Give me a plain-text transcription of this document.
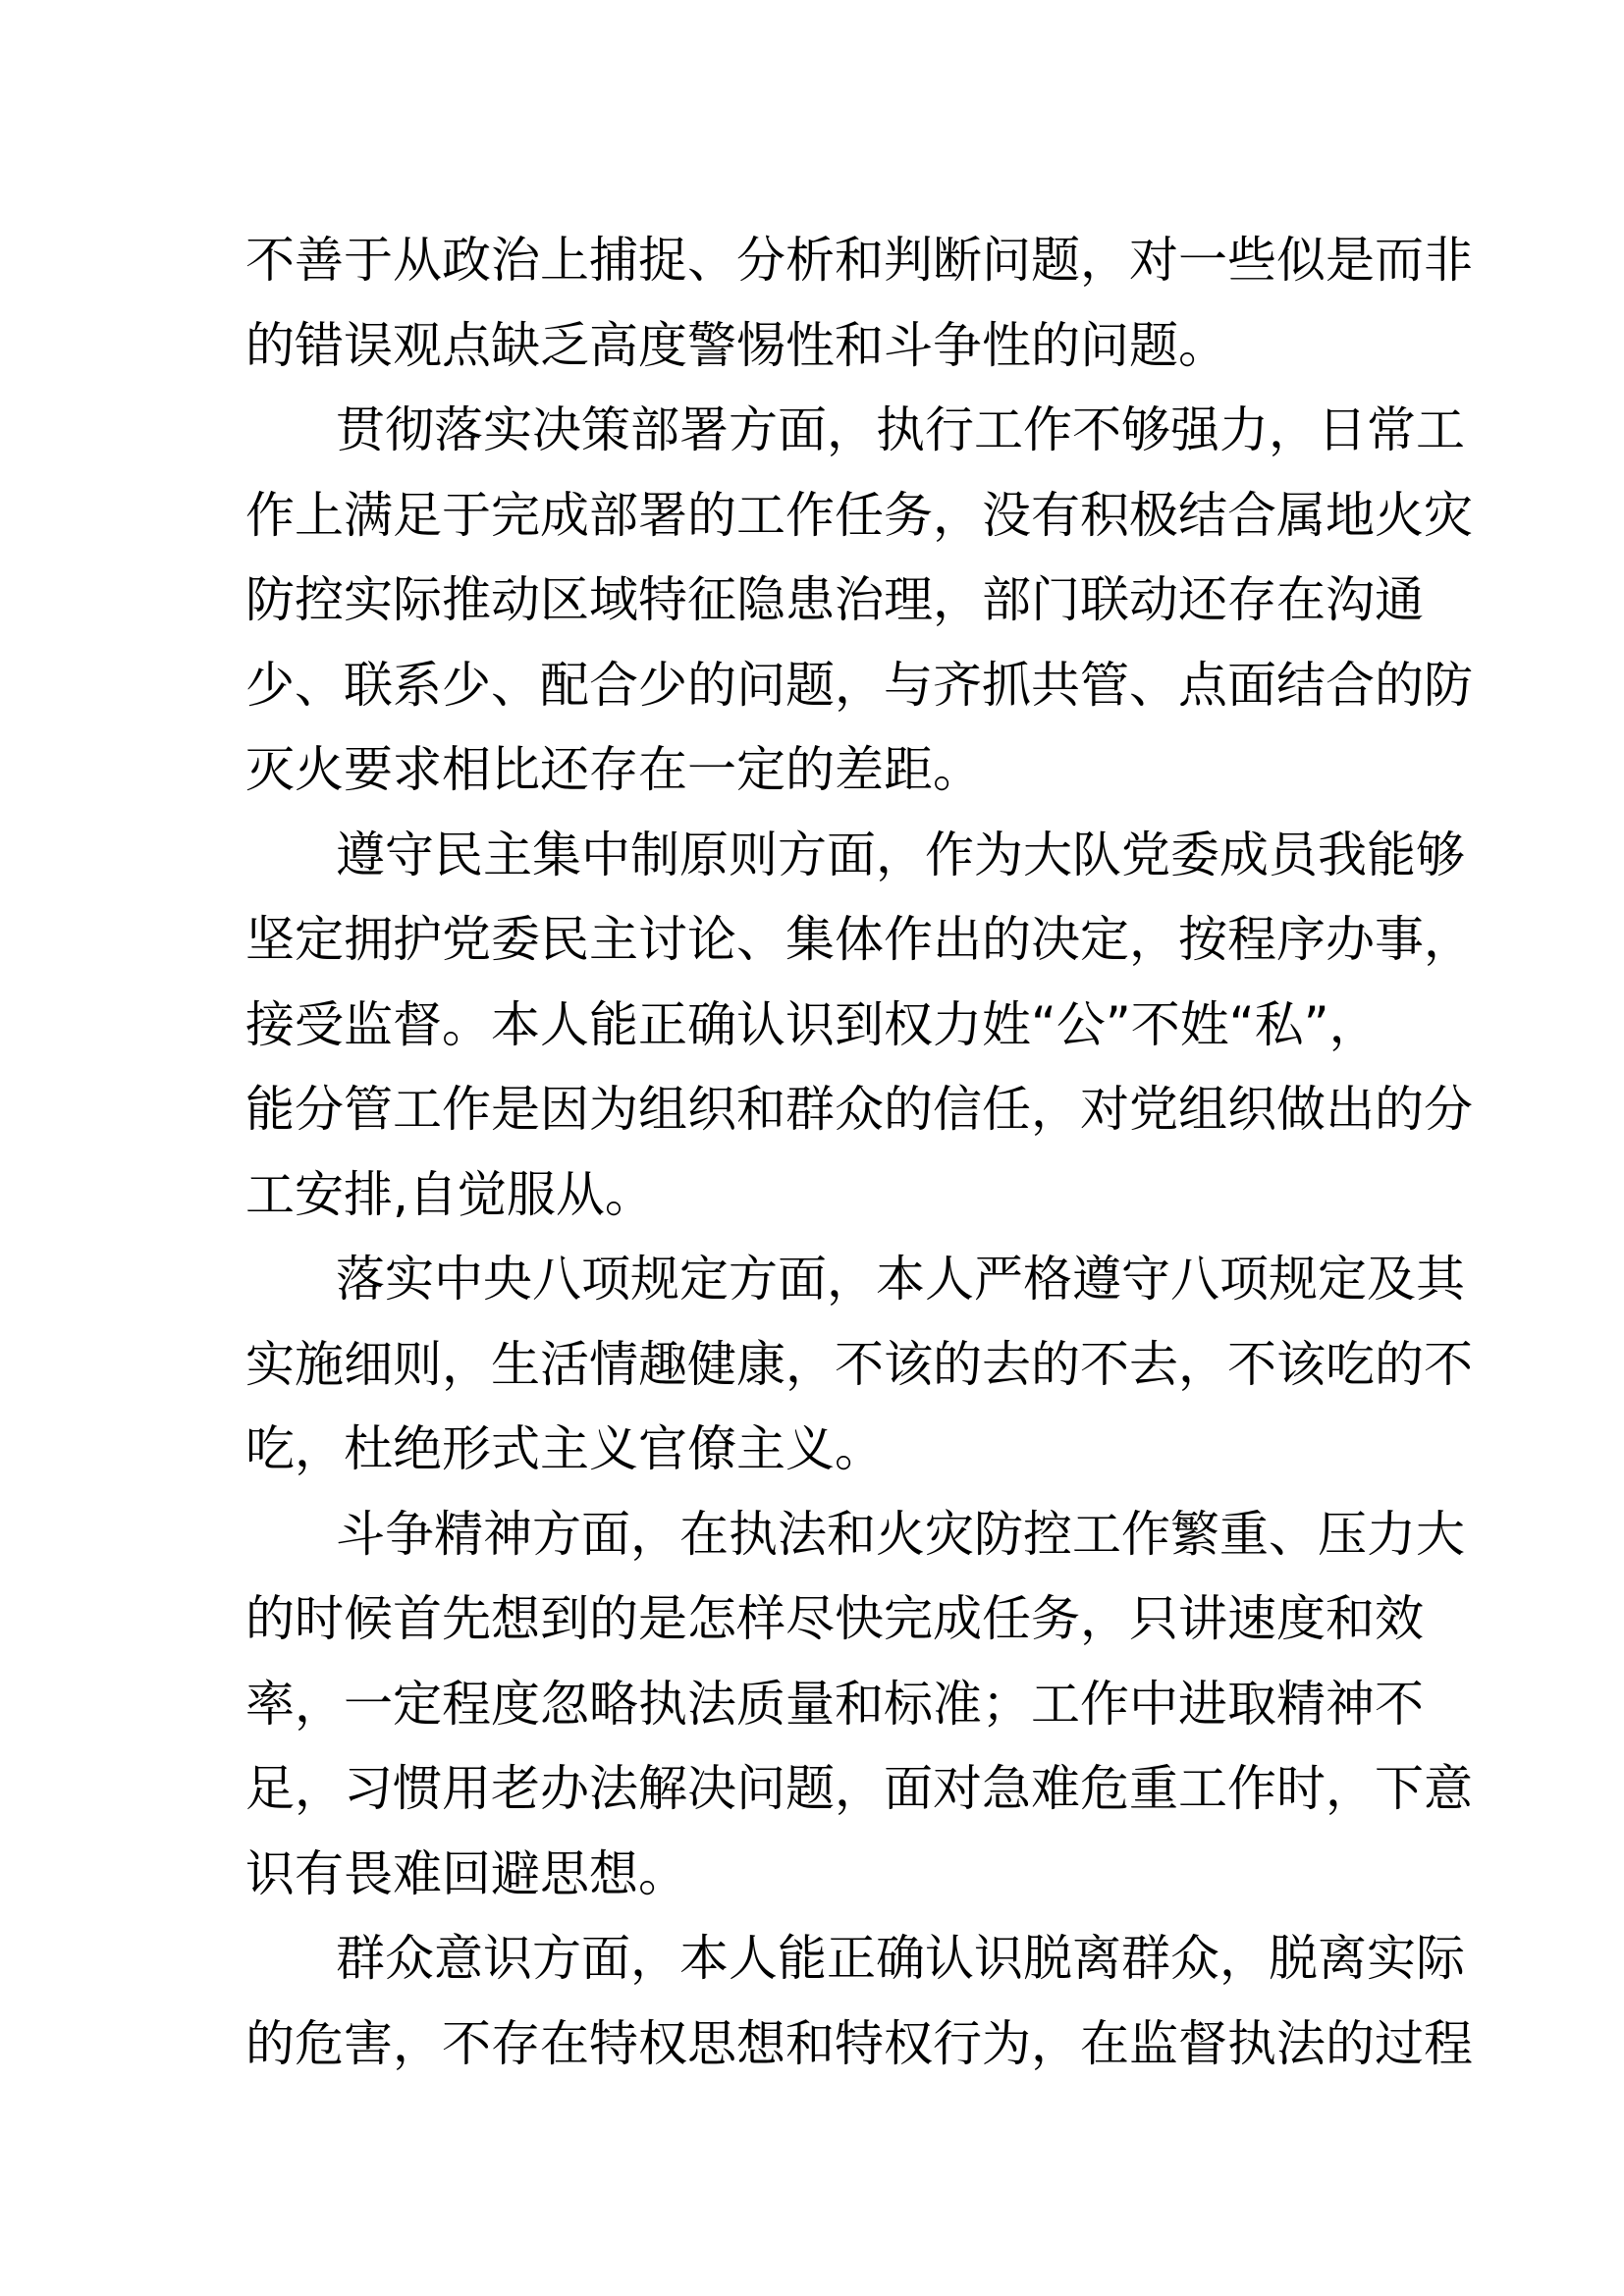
不善于从政治上捕捉、分析和判断问题，对一些似是而非
的错误观点缺乏高度警惕性和斗争性的问题。
贯彻落实决策部署方面，执行工作不够强力，日常工
作上满足于完成部署的工作任务，没有积极结合属地火灾
防控实际推动区域特征隐患治理，部门联动还存在沟通
少、联系少、配合少的问题，与齐抓共管、点面结合的防
灭火要求相比还存在一定的差距。
遵守民主集中制原则方面，作为大队党委成员我能够
坚定拥护党委民主讨论、集体作出的决定，按程序办事，
接受监督。本人能正确认识到权力姓“公”不姓“私”，
能分管工作是因为组织和群众的信任，对党组织做出的分
工安排,自觉服从。
落实中央八项规定方面，本人严格遵守八项规定及其
实施细则，生活情趣健康，不该的去的不去，不该吃的不
吃，杜绝形式主义官僚主义。
斗争精神方面，在执法和火灾防控工作繁重、压力大
的时候首先想到的是怎样尽快完成任务，只讲速度和效
率，一定程度忽略执法质量和标准；工作中进取精神不
足，习惯用老办法解决问题，面对急难危重工作时，下意
识有畏难回避思想。
群众意识方面，本人能正确认识脱离群众，脱离实际
的危害，不存在特权思想和特权行为，在监督执法的过程
